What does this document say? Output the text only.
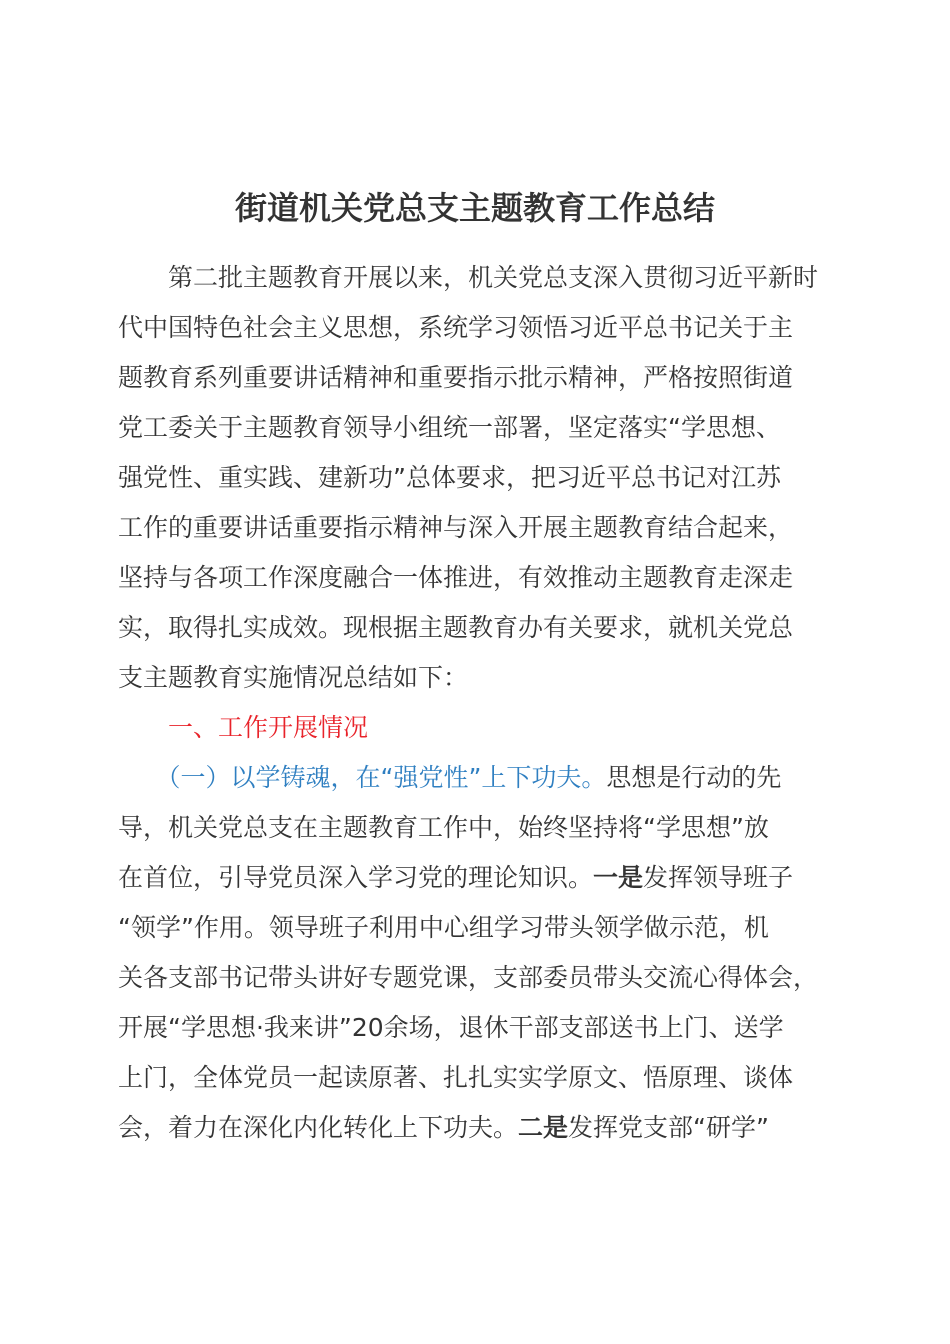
街道机关党总支主题教育工作总结
　　第二批主题教育开展以来，机关党总支深入贯彻习近平新时
代中国特色社会主义思想，系统学习领悟习近平总书记关于主
题教育系列重要讲话精神和重要指示批示精神，严格按照街道
党工委关于主题教育领导小组统一部署，坚定落实“学思想、
强党性、重实践、建新功”总体要求，把习近平总书记对江苏
工作的重要讲话重要指示精神与深入开展主题教育结合起来，
坚持与各项工作深度融合一体推进，有效推动主题教育走深走
实，取得扎实成效。现根据主题教育办有关要求，就机关党总
支主题教育实施情况总结如下：
　　一、工作开展情况
　　（一）以学铸魂，在“强党性”上下功夫。思想是行动的先
导，机关党总支在主题教育工作中，始终坚持将“学思想”放
在首位，引导党员深入学习党的理论知识。一是发挥领导班子
“领学”作用。领导班子利用中心组学习带头领学做示范，机
关各支部书记带头讲好专题党课，支部委员带头交流心得体会，
开展“学思想·我来讲”20余场，退休干部支部送书上门、送学
上门，全体党员一起读原著、扎扎实实学原文、悟原理、谈体
会，着力在深化内化转化上下功夫。二是发挥党支部“研学”
